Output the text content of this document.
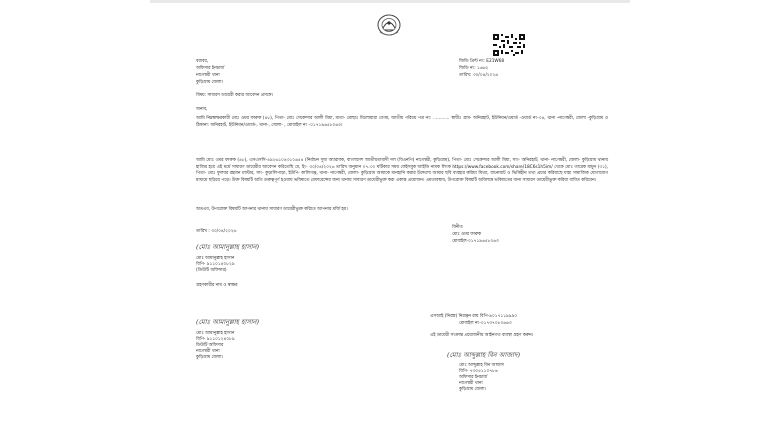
জিডি প্রিন্ট নং: E21W68
জিডি নং: ১৬৬২
তারিখ: ৩০/০৪/২০২৬
বরাবর,
অফিসার ইনচার্জ
নাগেশ্বরী থানা
কুড়িগ্রাম জেলা।
বিষয়: সাধারণ ডায়েরী করার আবেদন প্রসঙ্গে।
জনাব,
আমি নিম্নস্বাক্ষরকারী মোঃ ওমর ফারুক (৪৮), পিতা- মোঃ সেকেন্দার আলী মিয়া, মাতা- মোছাঃ মিলোয়ারা বেগম, জাতীয় পরিচয় পত্র নং: ............ স্থায়ীঃ গ্রাম- অনিরহাট, ইউনিয়ন/ওয়ার্ড -ওয়ার্ড নং-০৪, থানা -নাগেশ্বরী, জেলা -কুড়িগ্রাম ও ঠিকানা: অনিরহাট, ইউনিয়ন/ওয়ার্ড-, থানা-, জেলা- , মোবাইল নং -০১৭১৯৬৫৮০৬৩।
আমি মোঃ ওমর ফারুক (৪৮), এসএসসি-৪৯২৬১০৪৩১০৬৫৪ (নির্বাচন সুধা অ্যারাবক, বাংলাদেশ জাতীয়তাবাদী দল (বিএনপি) নাগেশ্বরী, কুড়িগ্রাম), পিতা- মোঃ সেকেন্দার আলী মিয়া, সাং- অনিরহাট, থানা- নাগেশ্বরী, জেলা- কুড়িগ্রাম থানায় হাজির হয়ে এই মর্মে সাধারণ ডায়েরীর আবেদন করিতেছি যে, ইং- ৩০/০৪/২০২৬ তারিখ অনুমান ০৭.৩০ ঘটিকার সময় ফেইসবুক আইডি নামক লিংক https://www.facebook.com/share/18C6s1h5im/ থেকে মোঃ তারেক মামুন (৩১), পিতা- মোঃ ফুলবর রহমান মাস্টার, সাং- কুড়ালিপাড়া, ইউপি- কালিগঞ্জ, থানা- নাগেশ্বরী, জেলা- কুড়িগ্রাম আমাকে মানহানি করার উদ্দেশ্যে আমার ছবি ব্যবহার করিয়া মিথ্যা, বানোয়াট ও ভিত্তিহীন তথ্য প্রচার করিয়াছে যাহা সামাজিক যোগাযোগ মাধ্যমে ছড়িয়ে পড়ে। উক্ত বিষয়টি অতি গুরুত্বপূর্ণ হওয়ায় ভবিষ্যতে রেফারেন্সের জন্য থানায় সাধারণ ডায়েরীভুক্ত করা একান্ত প্রয়োজন। এমতাবস্থায়, উপরোক্ত বিষয়টি অবিলম্বে ভবিষ্যতের জন্য সাধারণ ডায়েরীভুক্ত করিয়া বাধিত করিবেন।
অতএব, উপরোক্ত বিষয়টি আপনার থানায় সাধারণ ডায়েরীভুক্ত করিতে আপনার মর্জি হয়।
বিনীত
মোঃ ওমর ফারুক
মোবাইল-০১৭১৯৬৫৮০৬৩
তারিখ : ৩০/০৪/২০২৬
(মোঃ আমানুল্লাহ হাসান)
মোঃ আমানুল্লাহ হাসান
বিপি- ৯১১০১৪০৮২৯
(ডিউটি অফিসার)
গ্রহণকারীর নাম ও স্বাক্ষর
(মোঃ আমানুল্লাহ হাসান)
মোঃ আমানুল্লাহ হাসান
বিপি- ৯১১০১২৪০৮৯
ডিউটি অফিসার
নাগেশ্বরী থানা
কুড়িগ্রাম জেলা।
এসআই (নিরস্ত্র) নিরঞ্জন রায় বিপি-৯০১৭১১৯৯৯০
মোবাইল নং-০১৭৩৭০৮০৬৬৩
এই ডায়েরী সংক্রান্ত প্রয়োজনীয় আইনগত ব্যবস্থা গ্রহণ করুন।
(মোঃ আব্দুল্লাহ বিন আজাদ)
মোঃ আব্দুল্লাহ বিন আজাদ
বিপি- ৭৩০৫১১০৭৮৬
অফিসার ইনচার্জ
নাগেশ্বরী থানা
কুড়িগ্রাম জেলা।
